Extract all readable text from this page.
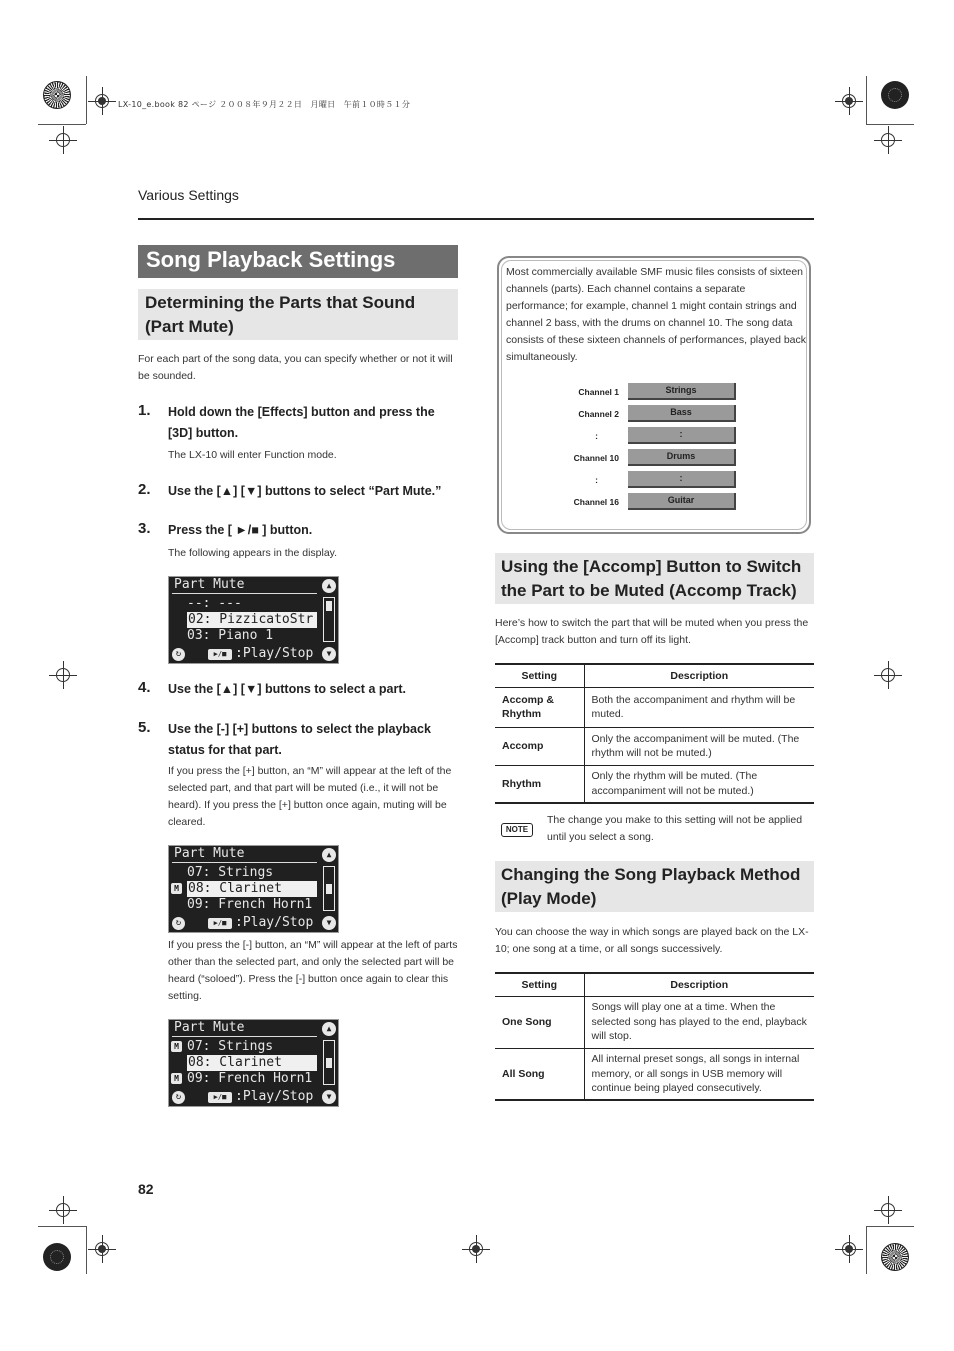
LX-10_e.book 82 ページ ２００８年９月２２日　月曜日　午前１０時５１分
Various Settings
Song Playback Settings
Determining the Parts that Sound
(Part Mute)
For each part of the song data, you can specify whether or not it will be sounded.
1. Hold down the [Effects] button and press the
[3D] button.
The LX-10 will enter Function mode.
2. Use the [▲] [▼] buttons to select “Part Mute.”
3. Press the [ ►/■ ] button.
The following appears in the display.
Part Mute	▲
--: ---
02: PizzicatoStr
03: Piano 1
↻	▶/■ :Play/Stop	▼
4. Use the [▲] [▼] buttons to select a part.
5. Use the [-] [+] buttons to select the playback
status for that part.
If you press the [+] button, an “M” will appear at the left of the selected part, and that part will be muted (i.e., it will not be heard). If you press the [+] button once again, muting will be cleared.
Part Mute	▲
07: Strings
M 08: Clarinet
09: French Horn1
↻	▶/■ :Play/Stop	▼
If you press the [-] button, an “M” will appear at the left of parts other than the selected part, and only the selected part will be heard (“soloed”). Press the [-] button once again to clear this setting.
Part Mute	▲
M 07: Strings
08: Clarinet
M 09: French Horn1
↻	▶/■ :Play/Stop	▼
Most commercially available SMF music files consists of sixteen channels (parts). Each channel contains a separate performance; for example, channel 1 might contain strings and channel 2 bass, with the drums on channel 10. The song data consists of these sixteen channels of performances, played back simultaneously.
Channel 1	Strings
Channel 2	Bass
:	:
Channel 10	Drums
:	:
Channel 16	Guitar
Using the [Accomp] Button to Switch
the Part to be Muted (Accomp Track)
Here’s how to switch the part that will be muted when you press the [Accomp] track button and turn off its light.
Setting	Description
Accomp & Rhythm	Both the accompaniment and rhythm will be muted.
Accomp	Only the accompaniment will be muted. (The rhythm will not be muted.)
Rhythm	Only the rhythm will be muted. (The accompaniment will not be muted.)
NOTE
The change you make to this setting will not be applied until you select a song.
Changing the Song Playback Method
(Play Mode)
You can choose the way in which songs are played back on the LX-10; one song at a time, or all songs successively.
Setting	Description
One Song	Songs will play one at a time. When the selected song has played to the end, playback will stop.
All Song	All internal preset songs, all songs in internal memory, or all songs in USB memory will continue being played consecutively.
82
